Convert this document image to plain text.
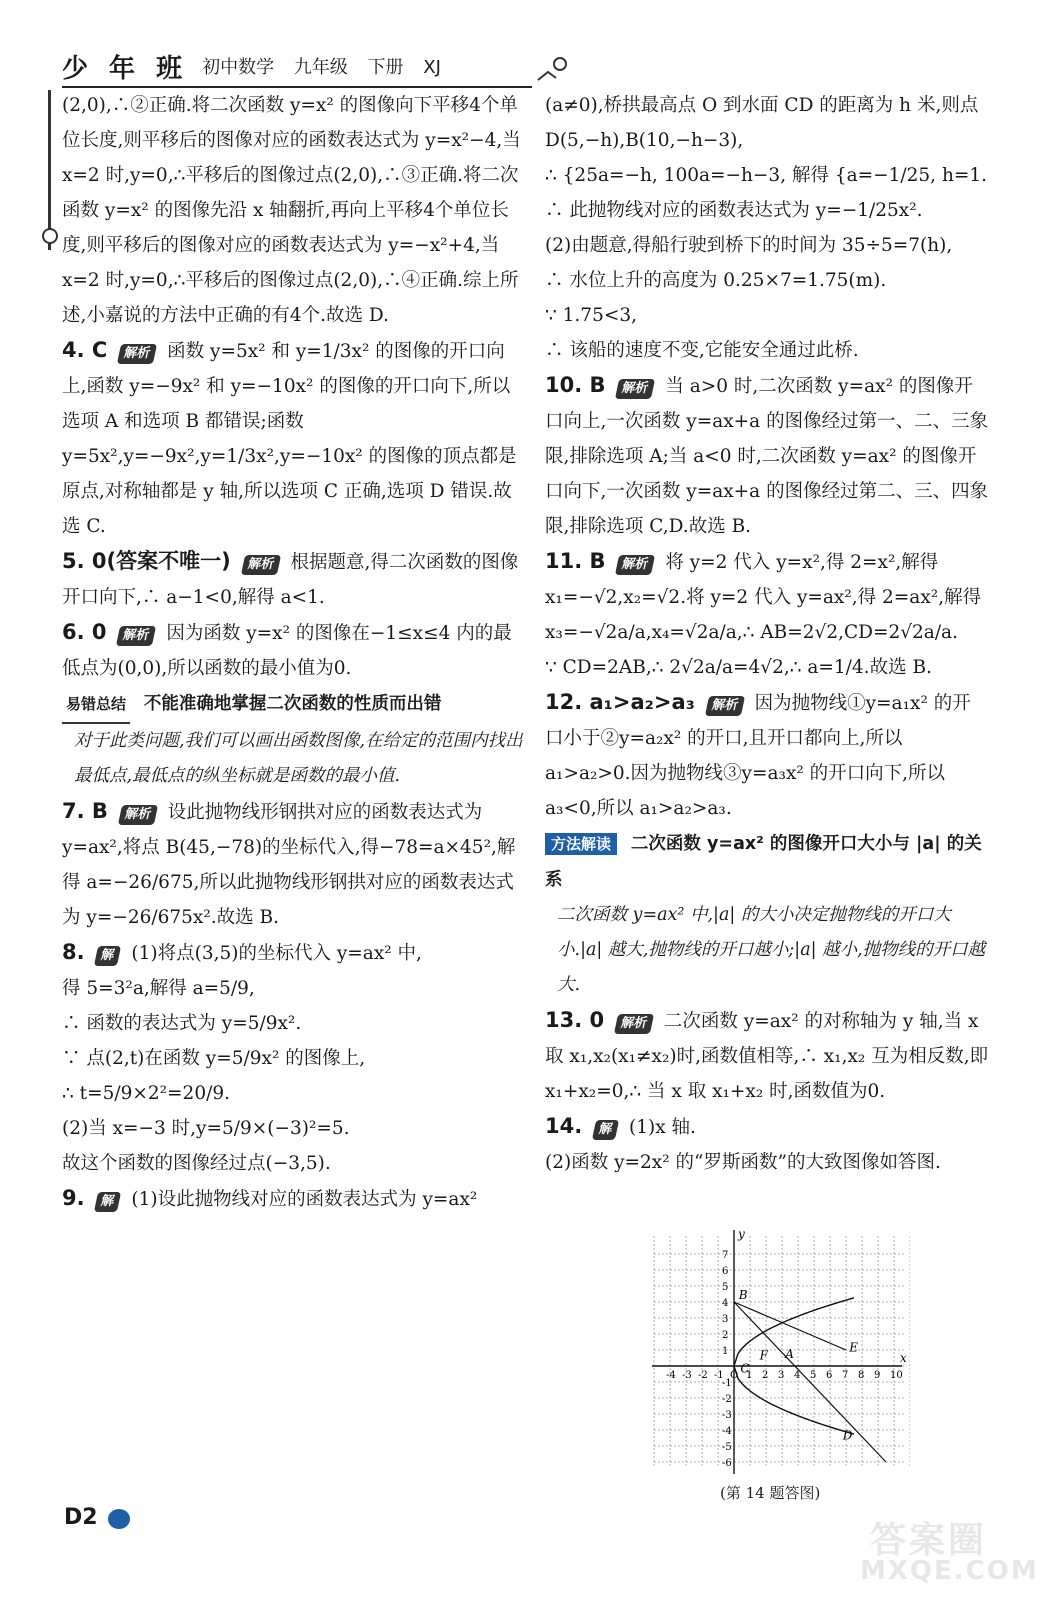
少 年 班 初中数学 九年级 下册 XJ

(2,0),∴②正确.将二次函数 y=x² 的图像向下平移4个单位长度,则平移后的图像对应的函数表达式为 y=x²−4,当 x=2 时,y=0,∴平移后的图像过点(2,0),∴③正确.将二次函数 y=x² 的图像先沿 x 轴翻折,再向上平移4个单位长度,则平移后的图像对应的函数表达式为 y=−x²+4,当 x=2 时,y=0,∴平移后的图像过点(2,0),∴④正确.综上所述,小嘉说的方法中正确的有4个.故选 D.

4. C 解析 函数 y=5x² 和 y=1/3x² 的图像的开口向上,函数 y=−9x² 和 y=−10x² 的图像的开口向下,所以选项 A 和选项 B 都错误;函数 y=5x²,y=−9x²,y=1/3x²,y=−10x² 的图像的顶点都是原点,对称轴都是 y 轴,所以选项 C 正确,选项 D 错误.故选 C.

5. 0(答案不唯一) 解析 根据题意,得二次函数的图像开口向下,∴ a−1<0,解得 a<1.

6. 0 解析 因为函数 y=x² 的图像在−1≤x≤4 内的最低点为(0,0),所以函数的最小值为0.

易错总结 不能准确地掌握二次函数的性质而出错
对于此类问题,我们可以画出函数图像,在给定的范围内找出最低点,最低点的纵坐标就是函数的最小值.

7. B 解析 设此抛物线形钢拱对应的函数表达式为 y=ax²,将点 B(45,−78)的坐标代入,得−78=a×45²,解得 a=−26/675,所以此抛物线形钢拱对应的函数表达式为 y=−26/675x².故选 B.

8. 解 (1)将点(3,5)的坐标代入 y=ax² 中,
得 5=3²a,解得 a=5/9,
∴ 函数的表达式为 y=5/9x².
∵ 点(2,t)在函数 y=5/9x² 的图像上,
∴ t=5/9×2²=20/9.
(2)当 x=−3 时,y=5/9×(−3)²=5.
故这个函数的图像经过点(−3,5).

9. 解 (1)设此抛物线对应的函数表达式为 y=ax²

(a≠0),桥拱最高点 O 到水面 CD 的距离为 h 米,则点 D(5,−h),B(10,−h−3),
∴ {25a=−h, 100a=−h−3, 解得 {a=−1/25, h=1.
∴ 此抛物线对应的函数表达式为 y=−1/25x².
(2)由题意,得船行驶到桥下的时间为 35÷5=7(h),
∴ 水位上升的高度为 0.25×7=1.75(m).
∵ 1.75<3,
∴ 该船的速度不变,它能安全通过此桥.

10. B 解析 当 a>0 时,二次函数 y=ax² 的图像开口向上,一次函数 y=ax+a 的图像经过第一、二、三象限,排除选项 A;当 a<0 时,二次函数 y=ax² 的图像开口向下,一次函数 y=ax+a 的图像经过第二、三、四象限,排除选项 C,D.故选 B.

11. B 解析 将 y=2 代入 y=x²,得 2=x²,解得 x₁=−√2,x₂=√2.将 y=2 代入 y=ax²,得 2=ax²,解得 x₃=−√2a/a,x₄=√2a/a,∴ AB=2√2,CD=2√2a/a.
∵ CD=2AB,∴ 2√2a/a=4√2,∴ a=1/4.故选 B.

12. a₁>a₂>a₃ 解析 因为抛物线①y=a₁x² 的开口小于②y=a₂x² 的开口,且开口都向上,所以 a₁>a₂>0.因为抛物线③y=a₃x² 的开口向下,所以 a₃<0,所以 a₁>a₂>a₃.

方法解读 二次函数 y=ax² 的图像开口大小与 |a| 的关系
二次函数 y=ax² 中,|a| 的大小决定抛物线的开口大小.|a| 越大,抛物线的开口越小;|a| 越小,抛物线的开口越大.

13. 0 解析 二次函数 y=ax² 的对称轴为 y 轴,当 x 取 x₁,x₂(x₁≠x₂)时,函数值相等,∴ x₁,x₂ 互为相反数,即 x₁+x₂=0,∴ 当 x 取 x₁+x₂ 时,函数值为0.

14. 解 (1)x 轴.
(2)函数 y=2x² 的“罗斯函数”的大致图像如答图.
x
y
-4 -3 -2 -1 O 1 2 3 4 5 6 7 8 9 10
7
6
5
4
3
2
1
-1
-2
-3
-4
-5
-6
B
A
C
E
F
D
(第 14 题答图)
D2
答案圈
MXQE.COM
